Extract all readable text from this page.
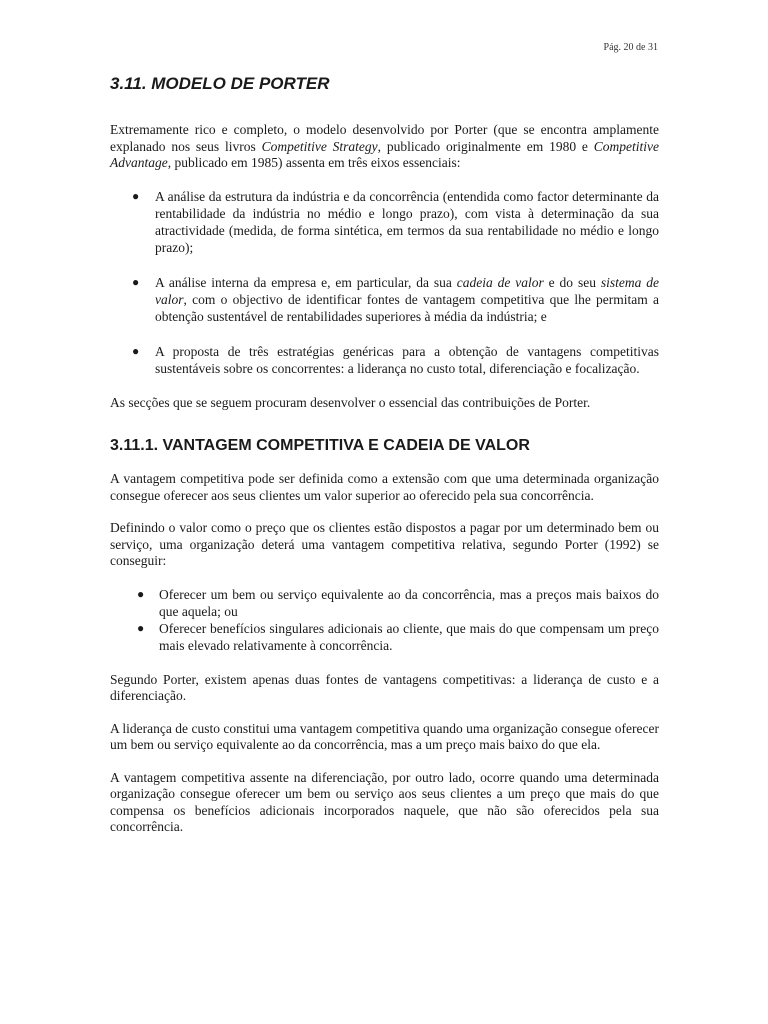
Pág. 20 de 31
3.11. MODELO DE PORTER

Extremamente rico e completo, o modelo desenvolvido por Porter (que se encontra amplamente explanado nos seus livros Competitive Strategy, publicado originalmente em 1980 e Competitive Advantage, publicado em 1985) assenta em três eixos essenciais:

● A análise da estrutura da indústria e da concorrência (entendida como factor determinante da rentabilidade da indústria no médio e longo prazo), com vista à determinação da sua atractividade (medida, de forma sintética, em termos da sua rentabilidade no médio e longo prazo);
● A análise interna da empresa e, em particular, da sua cadeia de valor e do seu sistema de valor, com o objectivo de identificar fontes de vantagem competitiva que lhe permitam a obtenção sustentável de rentabilidades superiores à média da indústria; e
● A proposta de três estratégias genéricas para a obtenção de vantagens competitivas sustentáveis sobre os concorrentes: a liderança no custo total, diferenciação e focalização.

As secções que se seguem procuram desenvolver o essencial das contribuições de Porter.

3.11.1. VANTAGEM COMPETITIVA E CADEIA DE VALOR

A vantagem competitiva pode ser definida como a extensão com que uma determinada organização consegue oferecer aos seus clientes um valor superior ao oferecido pela sua concorrência.

Definindo o valor como o preço que os clientes estão dispostos a pagar por um determinado bem ou serviço, uma organização deterá uma vantagem competitiva relativa, segundo Porter (1992) se conseguir:

● Oferecer um bem ou serviço equivalente ao da concorrência, mas a preços mais baixos do que aquela; ou
● Oferecer benefícios singulares adicionais ao cliente, que mais do que compensam um preço mais elevado relativamente à concorrência.

Segundo Porter, existem apenas duas fontes de vantagens competitivas: a liderança de custo e a diferenciação.

A liderança de custo constitui uma vantagem competitiva quando uma organização consegue oferecer um bem ou serviço equivalente ao da concorrência, mas a um preço mais baixo do que ela.

A vantagem competitiva assente na diferenciação, por outro lado, ocorre quando uma determinada organização consegue oferecer um bem ou serviço aos seus clientes a um preço que mais do que compensa os benefícios adicionais incorporados naquele, que não são oferecidos pela sua concorrência.
